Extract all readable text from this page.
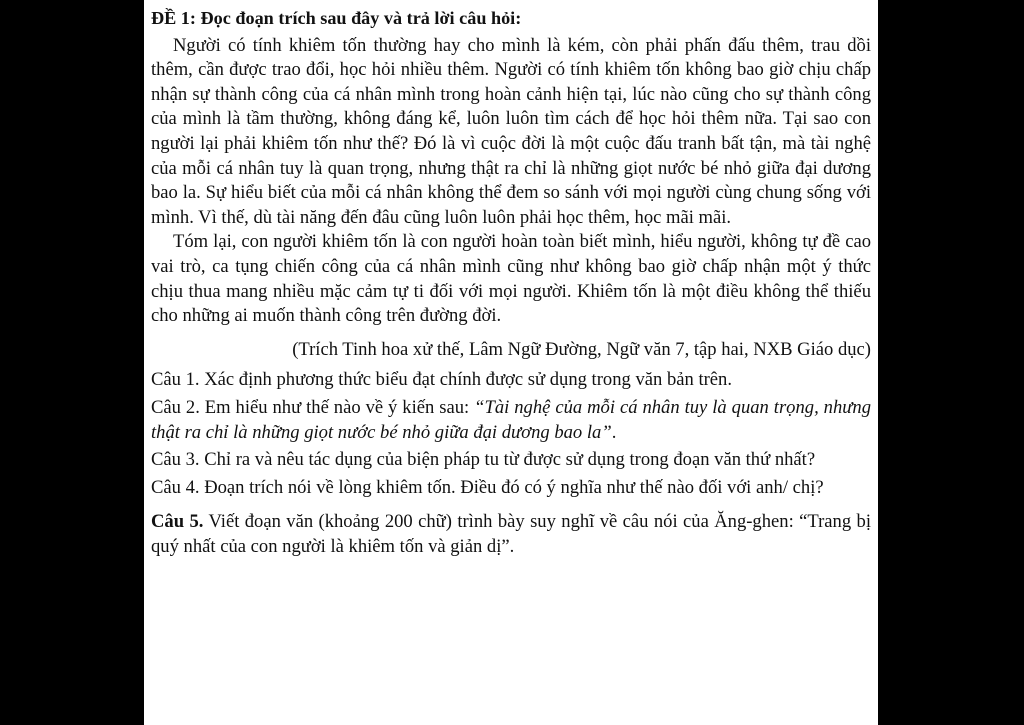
ĐỀ 1: Đọc đoạn trích sau đây và trả lời câu hỏi:

Người có tính khiêm tốn thường hay cho mình là kém, còn phải phấn đấu thêm, trau dồi thêm, cần được trao đổi, học hỏi nhiều thêm. Người có tính khiêm tốn không bao giờ chịu chấp nhận sự thành công của cá nhân mình trong hoàn cảnh hiện tại, lúc nào cũng cho sự thành công của mình là tầm thường, không đáng kể, luôn luôn tìm cách để học hỏi thêm nữa. Tại sao con người lại phải khiêm tốn như thế? Đó là vì cuộc đời là một cuộc đấu tranh bất tận, mà tài nghệ của mỗi cá nhân tuy là quan trọng, nhưng thật ra chỉ là những giọt nước bé nhỏ giữa đại dương bao la. Sự hiểu biết của mỗi cá nhân không thể đem so sánh với mọi người cùng chung sống với mình. Vì thế, dù tài năng đến đâu cũng luôn luôn phải học thêm, học mãi mãi.

Tóm lại, con người khiêm tốn là con người hoàn toàn biết mình, hiểu người, không tự đề cao vai trò, ca tụng chiến công của cá nhân mình cũng như không bao giờ chấp nhận một ý thức chịu thua mang nhiều mặc cảm tự ti đối với mọi người. Khiêm tốn là một điều không thể thiếu cho những ai muốn thành công trên đường đời.

(Trích Tinh hoa xử thế, Lâm Ngữ Đường, Ngữ văn 7, tập hai, NXB Giáo dục)

Câu 1. Xác định phương thức biểu đạt chính được sử dụng trong văn bản trên.

Câu 2. Em hiểu như thế nào về ý kiến sau: “Tài nghệ của mỗi cá nhân tuy là quan trọng, nhưng thật ra chỉ là những giọt nước bé nhỏ giữa đại dương bao la”.

Câu 3. Chỉ ra và nêu tác dụng của biện pháp tu từ được sử dụng trong đoạn văn thứ nhất?

Câu 4. Đoạn trích nói về lòng khiêm tốn. Điều đó có ý nghĩa như thế nào đối với anh/ chị?

Câu 5. Viết đoạn văn (khoảng 200 chữ) trình bày suy nghĩ về câu nói của Ăng-ghen: “Trang bị quý nhất của con người là khiêm tốn và giản dị”.
